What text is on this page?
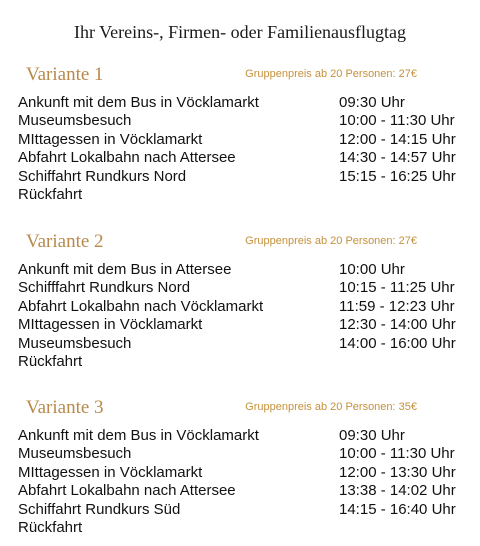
Ihr Vereins-, Firmen- oder Familienausflugtag
Variante 1	Gruppenpreis ab 20 Personen: 27€
Ankunft mit dem Bus in Vöcklamarkt	09:30 Uhr
Museumsbesuch	10:00 - 11:30 Uhr
MIttagessen in Vöcklamarkt	12:00 - 14:15 Uhr
Abfahrt Lokalbahn nach Attersee	14:30 - 14:57 Uhr
Schiffahrt Rundkurs Nord	15:15 - 16:25 Uhr
Rückfahrt
Variante 2	Gruppenpreis ab 20 Personen: 27€
Ankunft mit dem Bus in Attersee	10:00 Uhr
Schifffahrt Rundkurs Nord	10:15 - 11:25 Uhr
Abfahrt Lokalbahn nach Vöcklamarkt	11:59 - 12:23 Uhr
MIttagessen in Vöcklamarkt	12:30 - 14:00 Uhr
Museumsbesuch	14:00 - 16:00 Uhr
Rückfahrt
Variante 3	Gruppenpreis ab 20 Personen: 35€
Ankunft mit dem Bus in Vöcklamarkt	09:30 Uhr
Museumsbesuch	10:00 - 11:30 Uhr
MIttagessen in Vöcklamarkt	12:00 - 13:30 Uhr
Abfahrt Lokalbahn nach Attersee	13:38 - 14:02 Uhr
Schiffahrt Rundkurs Süd	14:15 - 16:40 Uhr
Rückfahrt
